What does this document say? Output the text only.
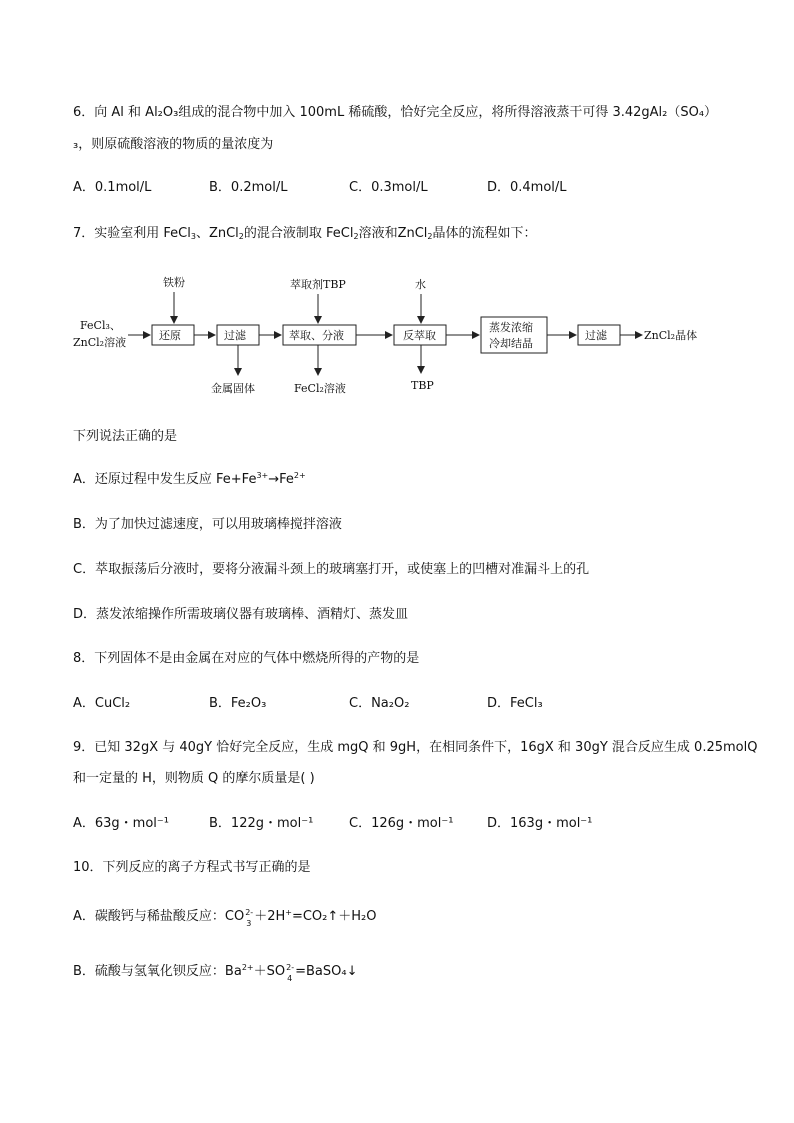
6．向 Al 和 Al₂O₃组成的混合物中加入 100mL 稀硫酸，恰好完全反应，将所得溶液蒸干可得 3.42gAl₂（SO₄）
₃，则原硫酸溶液的物质的量浓度为
A．0.1mol/L	B．0.2mol/L	C．0.3mol/L	D．0.4mol/L
7．实验室利用 FeCl$_3$、ZnCl$_2$的混合液制取 FeCl$_2$溶液和ZnCl$_2$晶体的流程如下：
FeCl₃、
ZnCl₂溶液
铁粉
还原	过滤
金属固体
萃取剂TBP
萃取、分液
FeCl₂溶液
水
反萃取
TBP
蒸发浓缩
冷却结晶
过滤	ZnCl₂晶体
下列说法正确的是
A．还原过程中发生反应 $Fe+Fe^{3+}\to Fe^{2+}$
B．为了加快过滤速度，可以用玻璃棒搅拌溶液
C．萃取振荡后分液时，要将分液漏斗颈上的玻璃塞打开，或使塞上的凹槽对准漏斗上的孔
D．蒸发浓缩操作所需玻璃仪器有玻璃棒、酒精灯、蒸发皿
8．下列固体不是由金属在对应的气体中燃烧所得的产物的是
A．CuCl₂	B．Fe₂O₃	C．Na₂O₂	D．FeCl₃
9．已知 32gX 与 40gY 恰好完全反应，生成 mgQ 和 9gH，在相同条件下，16gX 和 30gY 混合反应生成 0.25molQ
和一定量的 H，则物质 Q 的摩尔质量是( )
A．63g・mol⁻¹	B．122g・mol⁻¹	C．126g・mol⁻¹	D．163g・mol⁻¹
10．下列反应的离子方程式书写正确的是
A．碳酸钙与稀盐酸反应：CO 2-
3 ＋2H+=CO₂↑＋H₂O
B．硫酸与氢氧化钡反应：$Ba^{2+}+SO$ 2-
4 =BaSO₄↓
